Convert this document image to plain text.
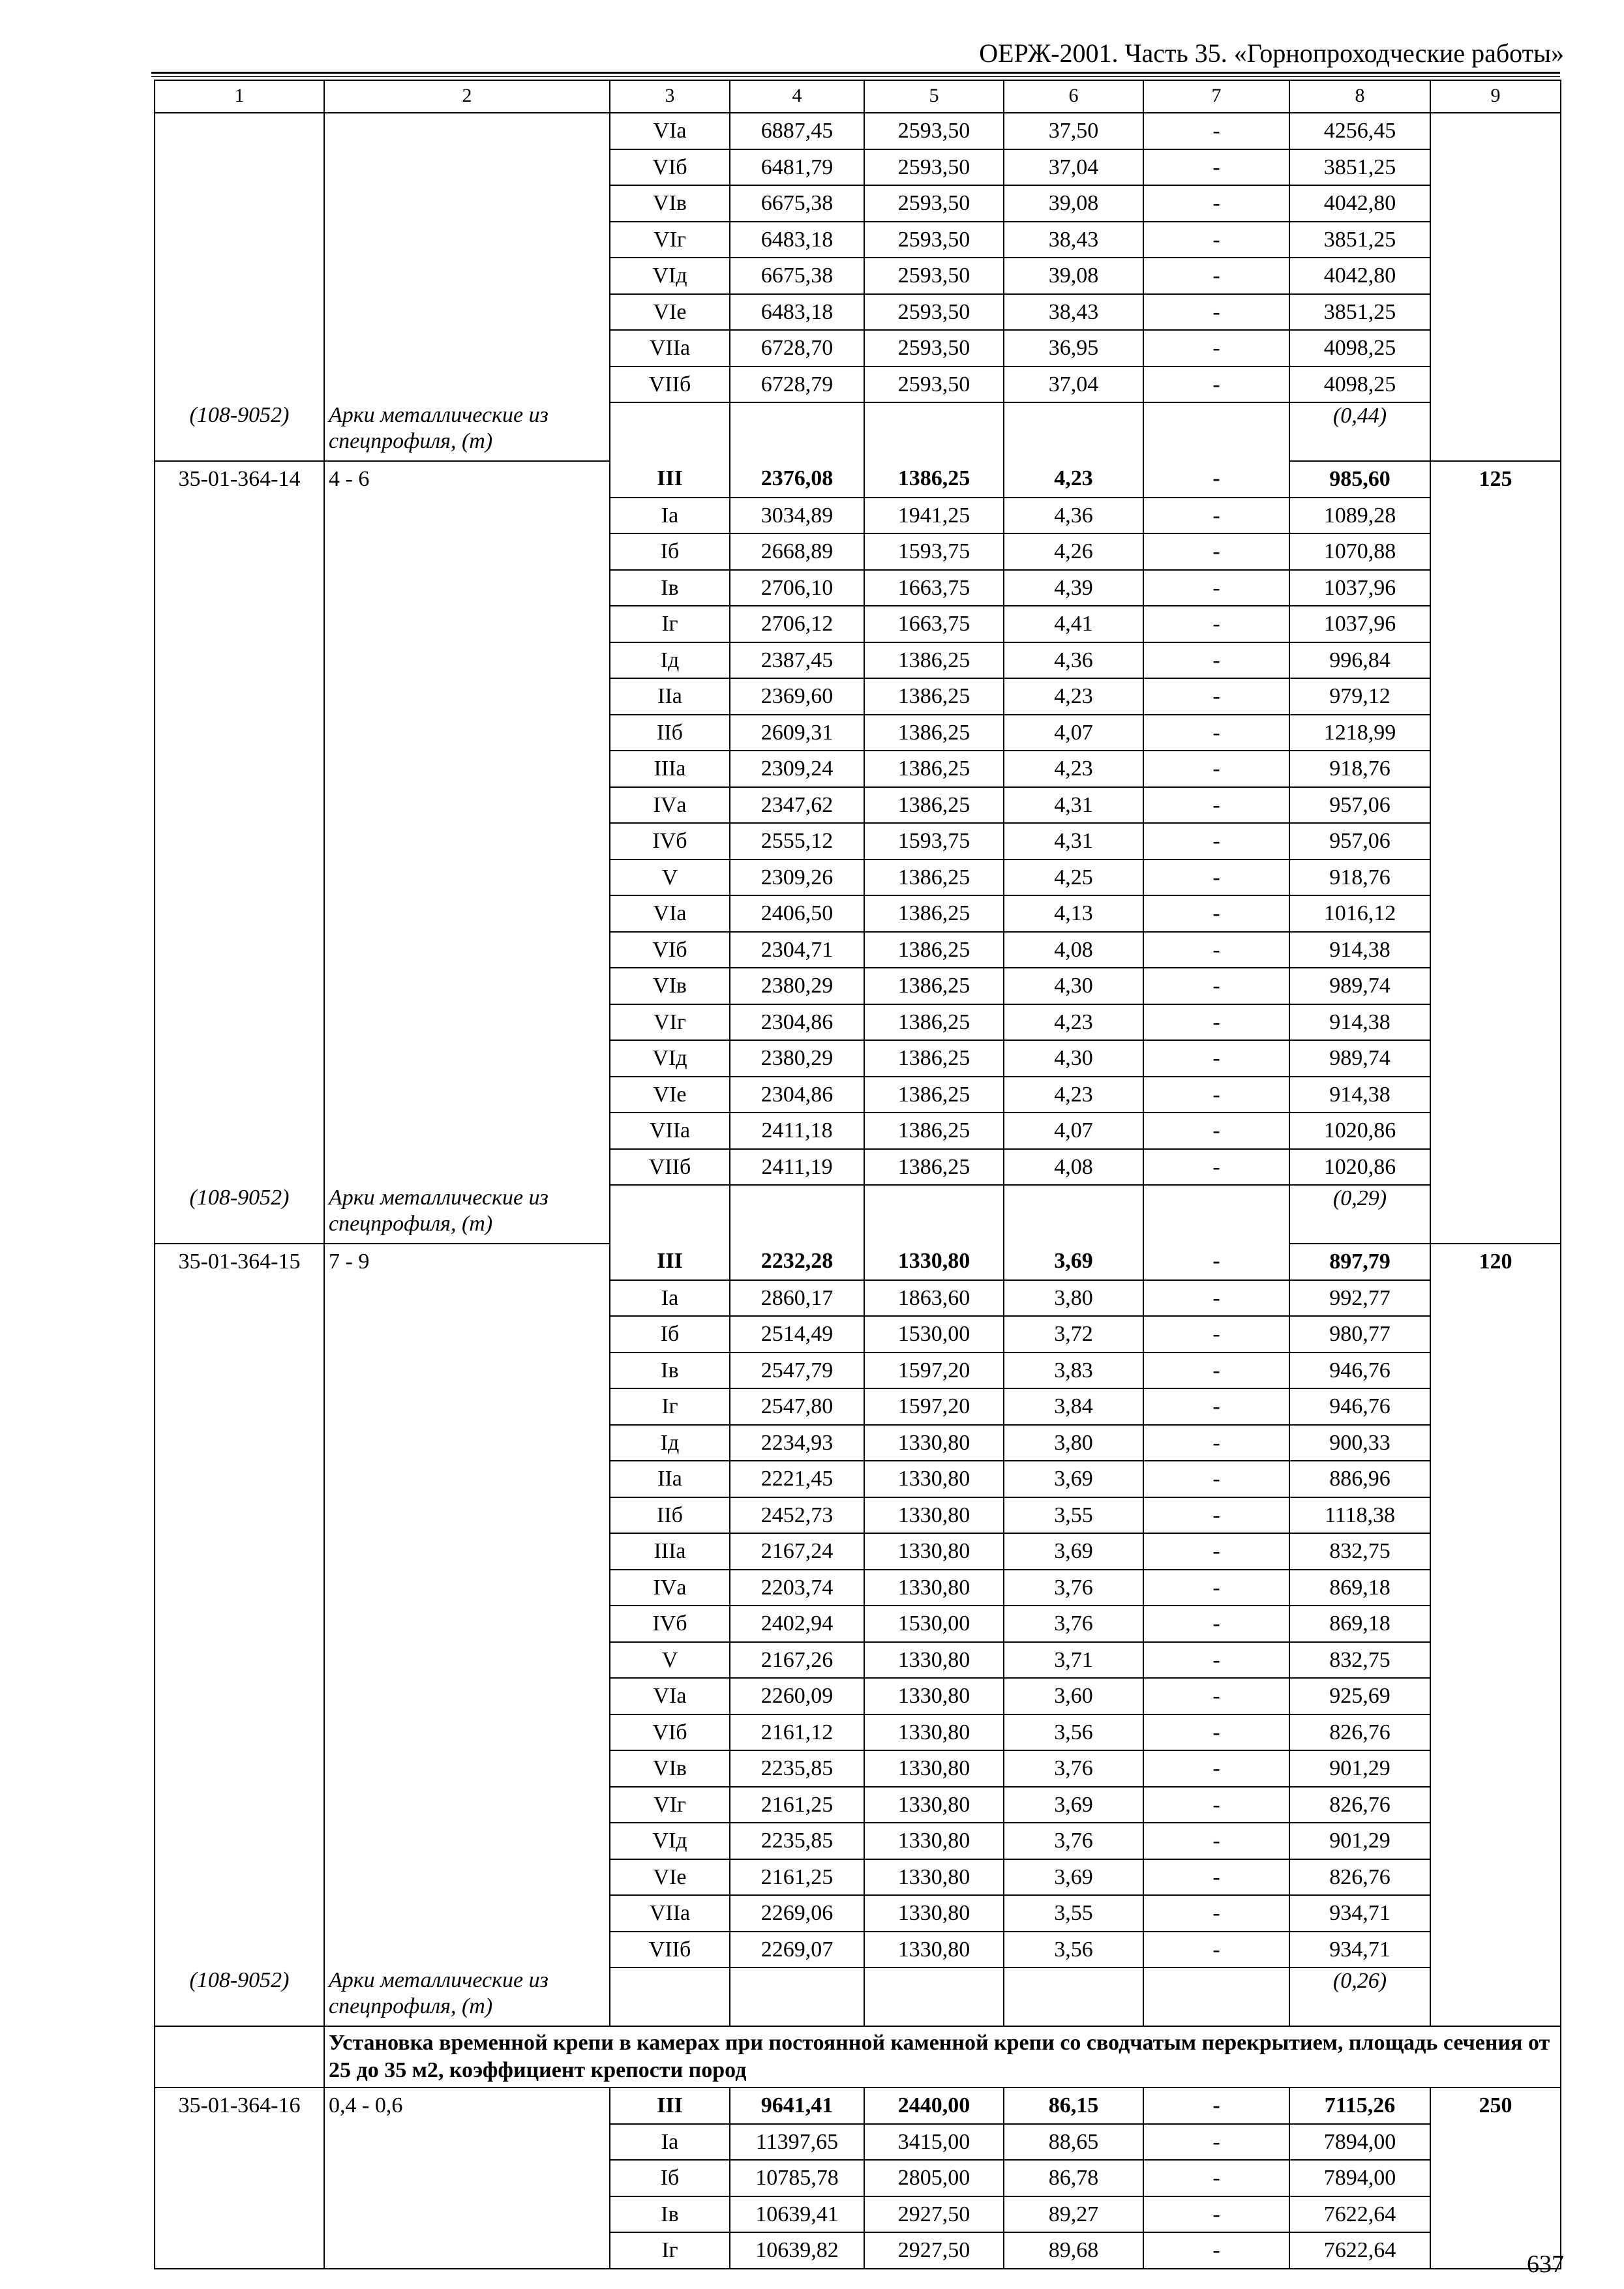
ОЕРЖ-2001. Часть 35. «Горнопроходческие работы»
1	2	3	4	5	6	7	8	9
		VIа	6887,45	2593,50	37,50	-	4256,45	
		VIб	6481,79	2593,50	37,04	-	3851,25	
		VIв	6675,38	2593,50	39,08	-	4042,80	
		VIг	6483,18	2593,50	38,43	-	3851,25	
		VIд	6675,38	2593,50	39,08	-	4042,80	
		VIе	6483,18	2593,50	38,43	-	3851,25	
		VIIа	6728,70	2593,50	36,95	-	4098,25	
		VIIб	6728,79	2593,50	37,04	-	4098,25	
(108-9052)	Арки металлические из спецпрофиля, (т)						(0,44)	
35-01-364-14	4 - 6	III	2376,08	1386,25	4,23	-	985,60	125
		Iа	3034,89	1941,25	4,36	-	1089,28	
		Iб	2668,89	1593,75	4,26	-	1070,88	
		Iв	2706,10	1663,75	4,39	-	1037,96	
		Iг	2706,12	1663,75	4,41	-	1037,96	
		Iд	2387,45	1386,25	4,36	-	996,84	
		IIа	2369,60	1386,25	4,23	-	979,12	
		IIб	2609,31	1386,25	4,07	-	1218,99	
		IIIа	2309,24	1386,25	4,23	-	918,76	
		IVа	2347,62	1386,25	4,31	-	957,06	
		IVб	2555,12	1593,75	4,31	-	957,06	
		V	2309,26	1386,25	4,25	-	918,76	
		VIа	2406,50	1386,25	4,13	-	1016,12	
		VIб	2304,71	1386,25	4,08	-	914,38	
		VIв	2380,29	1386,25	4,30	-	989,74	
		VIг	2304,86	1386,25	4,23	-	914,38	
		VIд	2380,29	1386,25	4,30	-	989,74	
		VIе	2304,86	1386,25	4,23	-	914,38	
		VIIа	2411,18	1386,25	4,07	-	1020,86	
		VIIб	2411,19	1386,25	4,08	-	1020,86	
(108-9052)	Арки металлические из спецпрофиля, (т)						(0,29)	
35-01-364-15	7 - 9	III	2232,28	1330,80	3,69	-	897,79	120
		Iа	2860,17	1863,60	3,80	-	992,77	
		Iб	2514,49	1530,00	3,72	-	980,77	
		Iв	2547,79	1597,20	3,83	-	946,76	
		Iг	2547,80	1597,20	3,84	-	946,76	
		Iд	2234,93	1330,80	3,80	-	900,33	
		IIа	2221,45	1330,80	3,69	-	886,96	
		IIб	2452,73	1330,80	3,55	-	1118,38	
		IIIа	2167,24	1330,80	3,69	-	832,75	
		IVа	2203,74	1330,80	3,76	-	869,18	
		IVб	2402,94	1530,00	3,76	-	869,18	
		V	2167,26	1330,80	3,71	-	832,75	
		VIа	2260,09	1330,80	3,60	-	925,69	
		VIб	2161,12	1330,80	3,56	-	826,76	
		VIв	2235,85	1330,80	3,76	-	901,29	
		VIг	2161,25	1330,80	3,69	-	826,76	
		VIд	2235,85	1330,80	3,76	-	901,29	
		VIе	2161,25	1330,80	3,69	-	826,76	
		VIIа	2269,06	1330,80	3,55	-	934,71	
		VIIб	2269,07	1330,80	3,56	-	934,71	
(108-9052)	Арки металлические из спецпрофиля, (т)						(0,26)	
	Установка временной крепи в камерах при постоянной каменной крепи со сводчатым перекрытием, площадь сечения от 25 до 35 м2, коэффициент крепости пород							
35-01-364-16	0,4 - 0,6	III	9641,41	2440,00	86,15	-	7115,26	250
		Iа	11397,65	3415,00	88,65	-	7894,00	
		Iб	10785,78	2805,00	86,78	-	7894,00	
		Iв	10639,41	2927,50	89,27	-	7622,64	
		Iг	10639,82	2927,50	89,68	-	7622,64	
637
